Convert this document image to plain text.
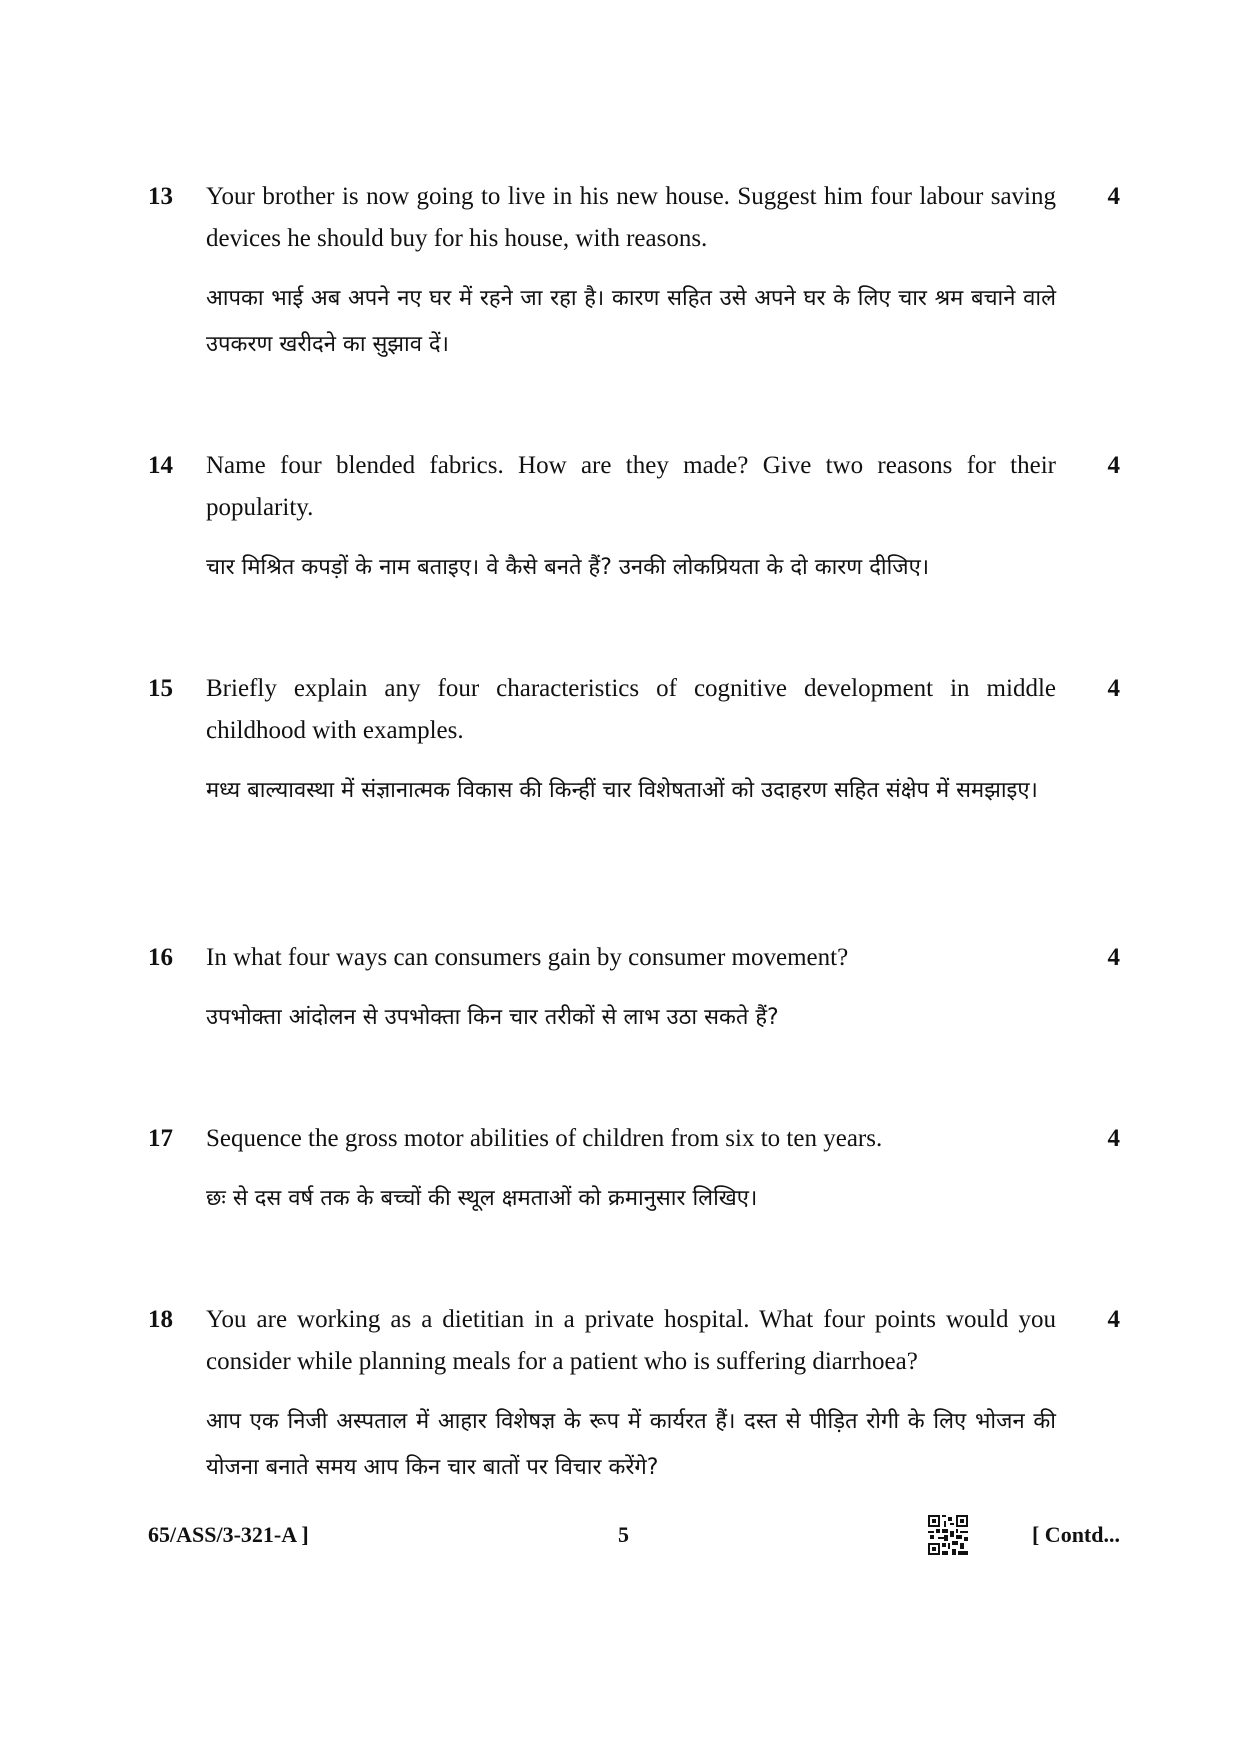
13	4
Your brother is now going to live in his new house. Suggest him four labour saving devices he should buy for his house, with reasons.
आपका भाई अब अपने नए घर में रहने जा रहा है। कारण सहित उसे अपने घर के लिए चार श्रम बचाने वाले उपकरण खरीदने का सुझाव दें।
14	4
Name four blended fabrics. How are they made? Give two reasons for their popularity.
चार मिश्रित कपड़ों के नाम बताइए। वे कैसे बनते हैं? उनकी लोकप्रियता के दो कारण दीजिए।
15	4
Briefly explain any four characteristics of cognitive development in middle childhood with examples.
मध्य बाल्यावस्था में संज्ञानात्मक विकास की किन्हीं चार विशेषताओं को उदाहरण सहित संक्षेप में समझाइए।
16	4
In what four ways can consumers gain by consumer movement?
उपभोक्ता आंदोलन से उपभोक्ता किन चार तरीकों से लाभ उठा सकते हैं?
17	4
Sequence the gross motor abilities of children from six to ten years.
छः से दस वर्ष तक के बच्चों की स्थूल क्षमताओं को क्रमानुसार लिखिए।
18	4
You are working as a dietitian in a private hospital. What four points would you consider while planning meals for a patient who is suffering diarrhoea?
आप एक निजी अस्पताल में आहार विशेषज्ञ के रूप में कार्यरत हैं। दस्त से पीड़ित रोगी के लिए भोजन की योजना बनाते समय आप किन चार बातों पर विचार करेंगे?
65/ASS/3-321-A ]	5	[ Contd...
